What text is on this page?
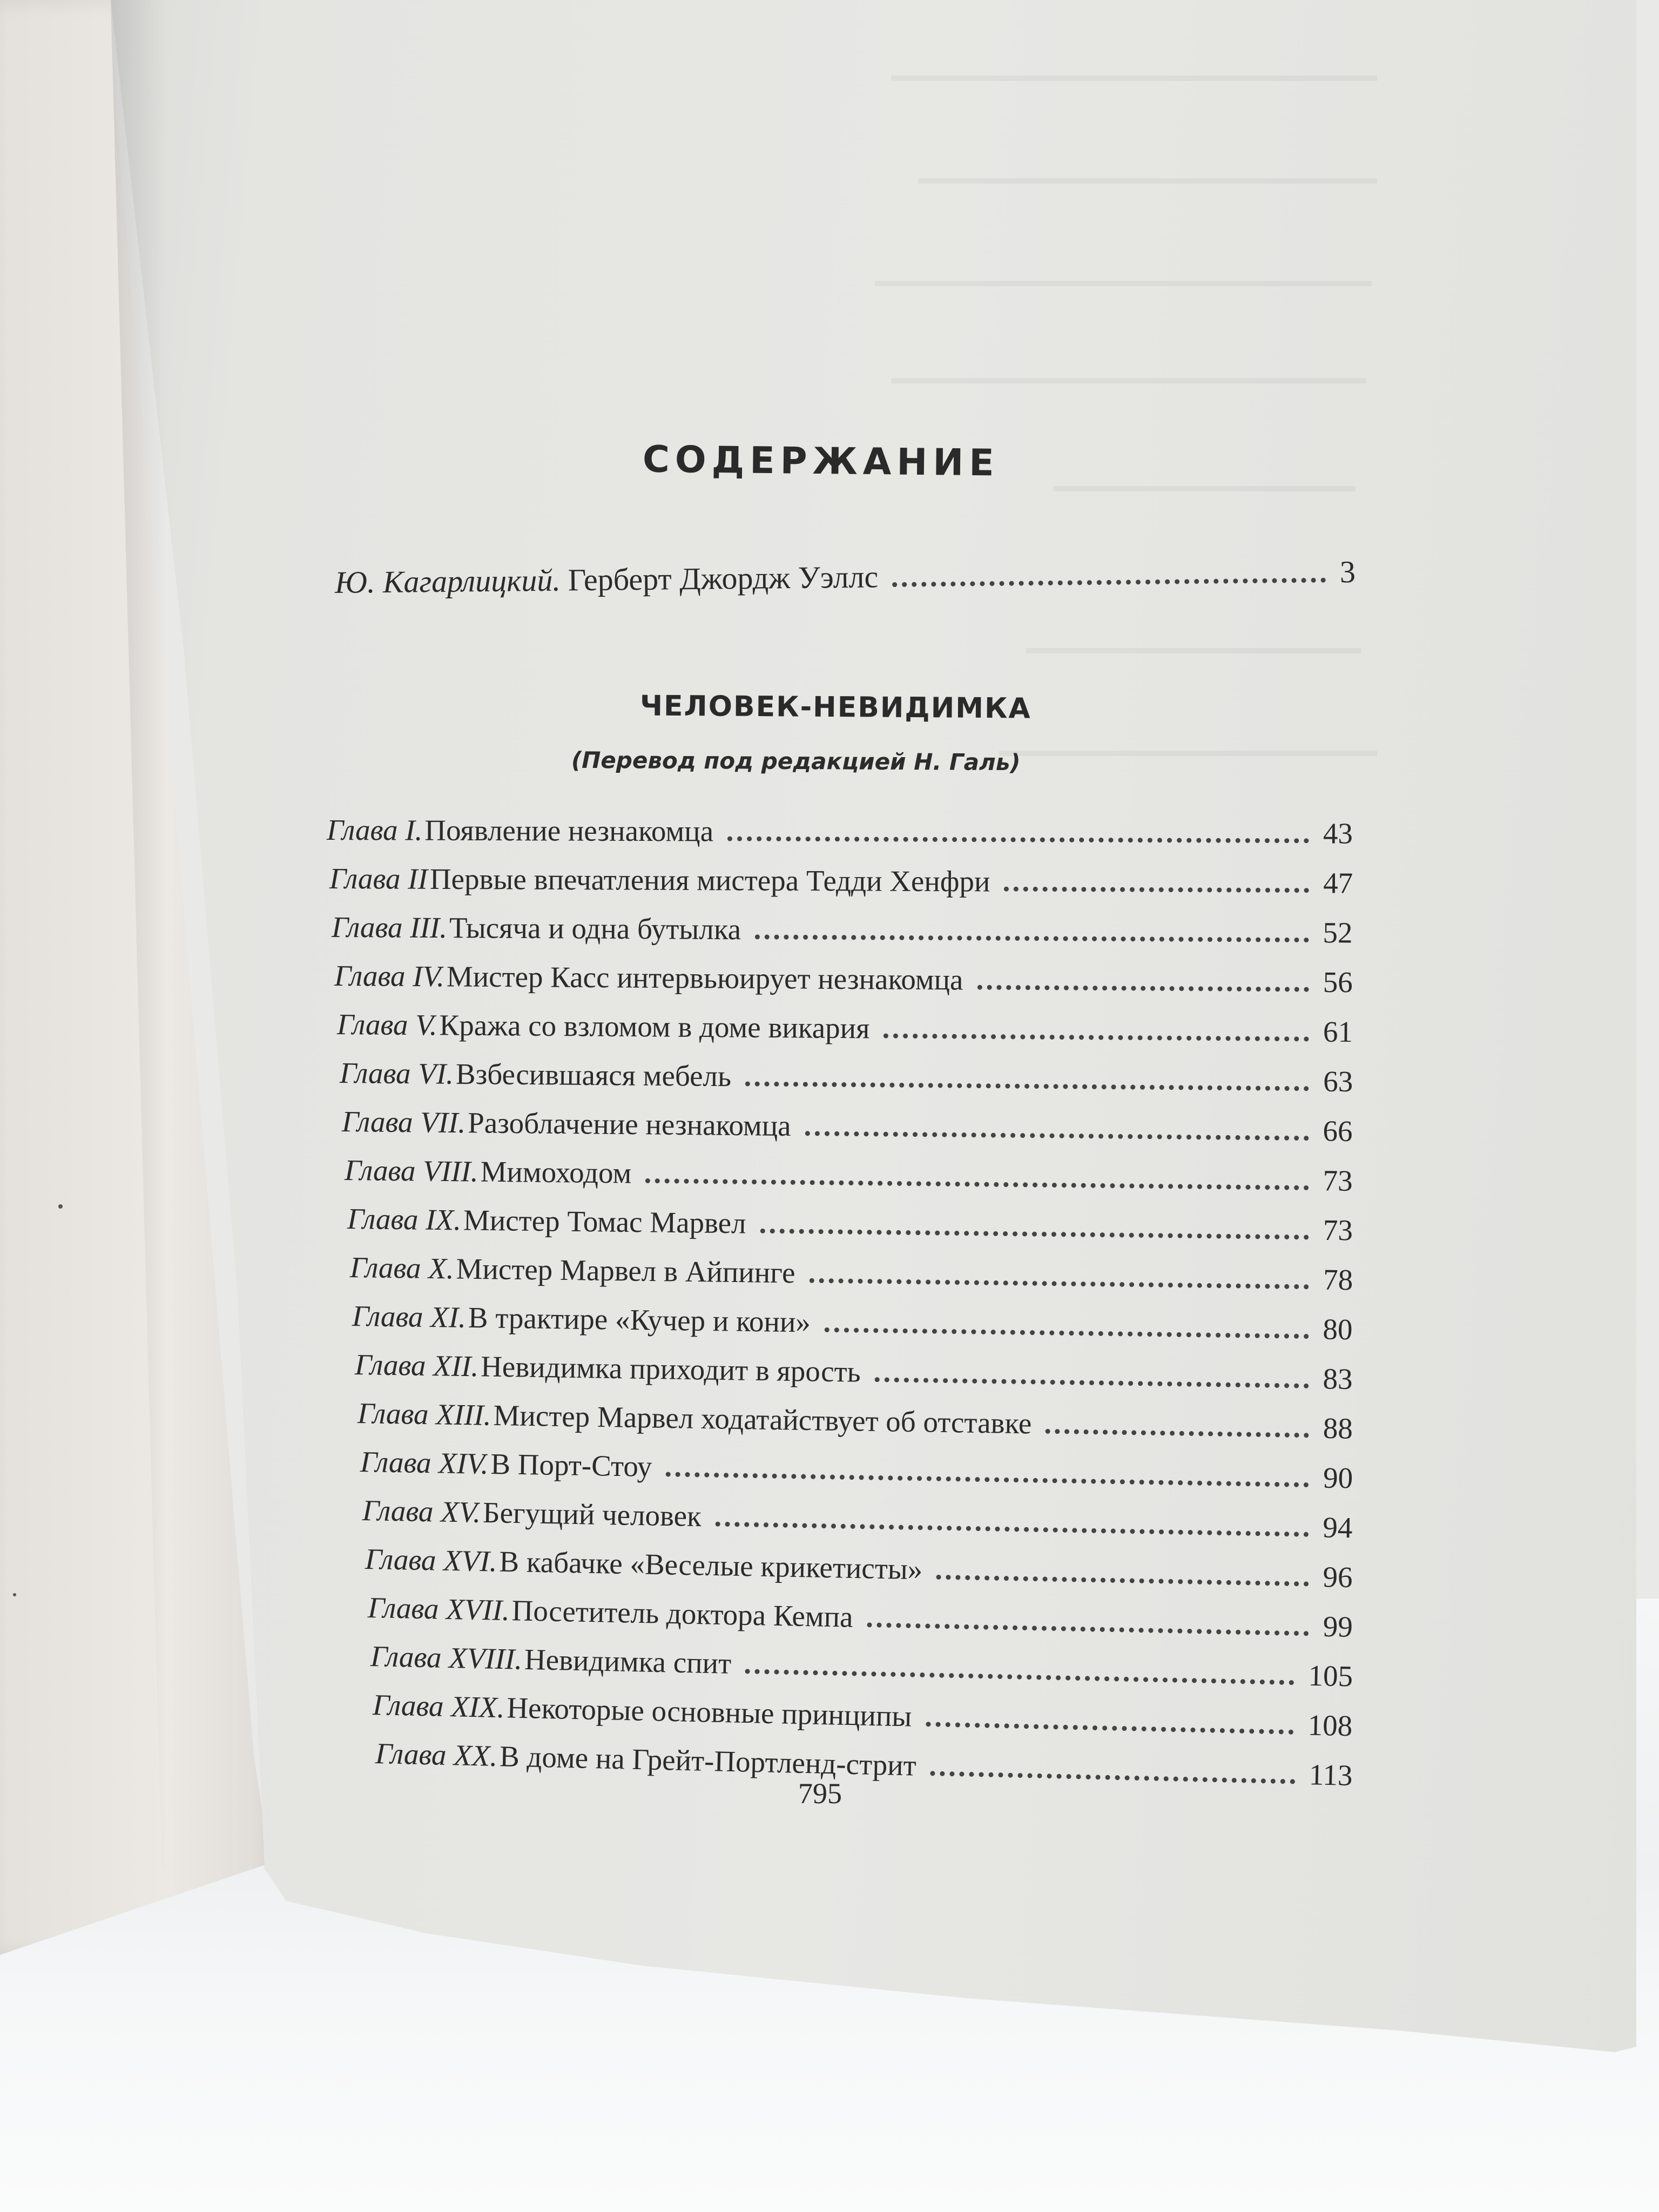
СОДЕРЖАНИЕ
Ю. Кагарлицкий. Герберт Джордж Уэллс	3
ЧЕЛОВЕК-НЕВИДИМКА

(Перевод под редакцией Н. Галь)

Глава I. Появление незнакомца	43
Глава II Первые впечатления мистера Тедди Хенфри	47
Глава III. Тысяча и одна бутылка	52
Глава IV. Мистер Касс интервьюирует незнакомца	56
Глава V. Кража со взломом в доме викария	61
Глава VI. Взбесившаяся мебель	63
Глава VII. Разоблачение незнакомца	66
Глава VIII. Мимоходом	73
Глава IX. Мистер Томас Марвел	73
Глава X. Мистер Марвел в Айпинге	78
Глава XI. В трактире «Кучер и кони»	80
Глава XII. Невидимка приходит в ярость	83
Глава XIII. Мистер Марвел ходатайствует об отставке	88
Глава XIV. В Порт-Стоу	90
Глава XV. Бегущий человек	94
Глава XVI. В кабачке «Веселые крикетисты»	96
Глава XVII. Посетитель доктора Кемпа	99
Глава XVIII. Невидимка спит	105
Глава XIX. Некоторые основные принципы	108
Глава XX. В доме на Грейт-Портленд-стрит	113

795
